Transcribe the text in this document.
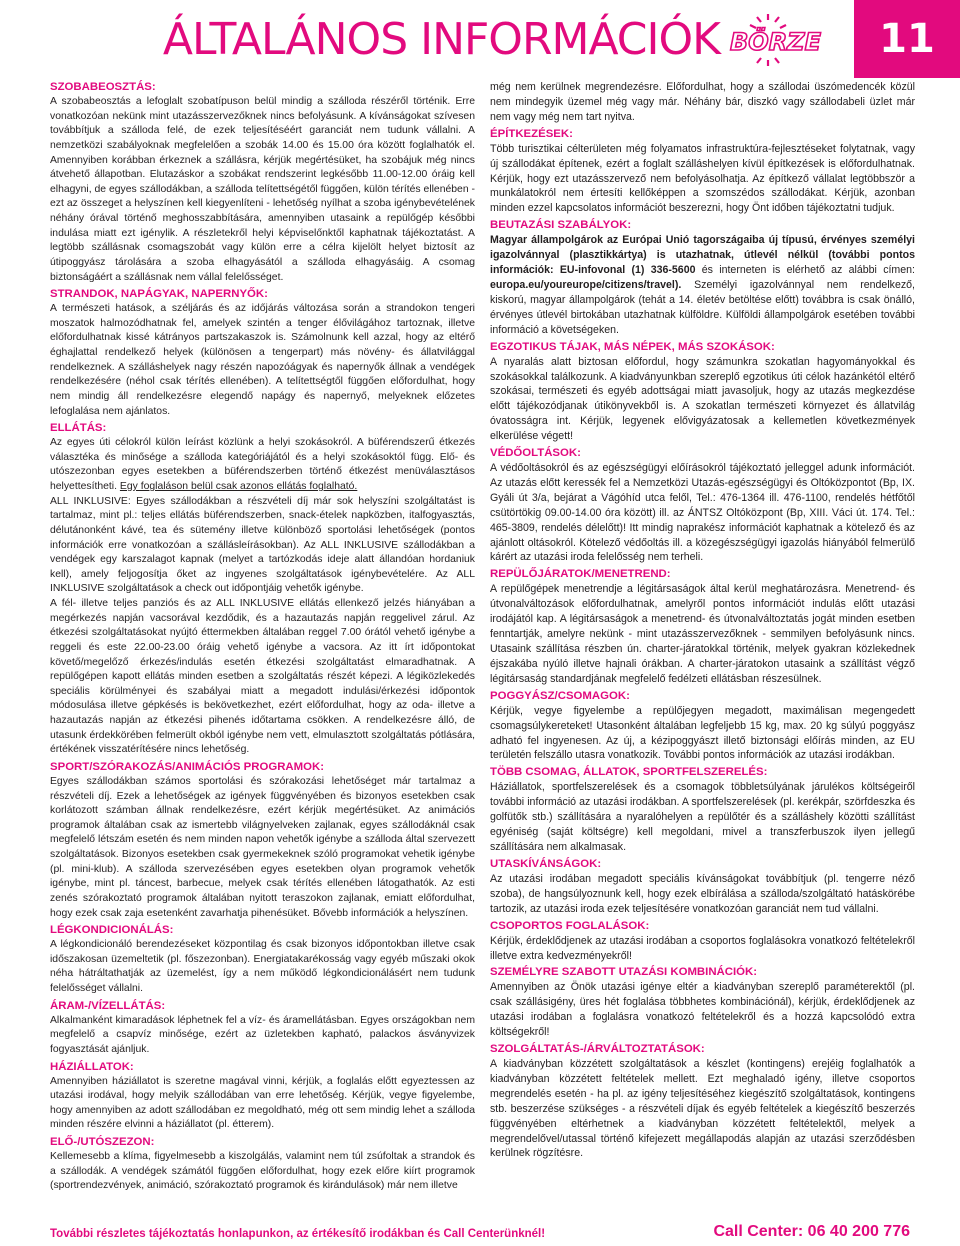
ÁLTALÁNOS INFORMÁCIÓK BÖRZE	11
SZOBABEOSZTÁS:

A szobabeosztás a lefoglalt szobatípuson belül mindig a szálloda részéről történik. Erre vonatkozóan nekünk mint utazásszervezőknek nincs befolyásunk. A kívánságokat szívesen továbbítjuk a szálloda felé, de ezek teljesítéséért garanciát nem tudunk vállalni. A nemzetközi szabályoknak megfelelően a szobák 14.00 és 15.00 óra között foglalhatók el. Amennyiben korábban érkeznek a szállásra, kérjük megértésüket, ha szobájuk még nincs átvehető állapotban. Elutazáskor a szobákat rendszerint legkésőbb 11.00-12.00 óráig kell elhagyni, de egyes szállodákban, a szálloda telítettségétől függően, külön térítés ellenében - ezt az összeget a helyszínen kell kiegyenlíteni - lehetőség nyílhat a szoba igénybevételének néhány órával történő meghosszabbítására, amennyiben utasaink a repülőgép későbbi indulása miatt ezt igénylik. A részletekről helyi képviselőnktől kaphatnak tájékoztatást. A legtöbb szállásnak csomagszobát vagy külön erre a célra kijelölt helyet biztosít az útipoggyász tárolására a szoba elhagyásától a szálloda elhagyásáig. A csomag biztonságáért a szállásnak nem vállal felelősséget.

STRANDOK, NAPÁGYAK, NAPERNYŐK:

A természeti hatások, a széljárás és az időjárás változása során a strandokon tengeri moszatok halmozódhatnak fel, amelyek szintén a tenger élővilágához tartoznak, illetve előfordulhatnak kissé kátrányos partszakaszok is. Számolnunk kell azzal, hogy az eltérő éghajlattal rendelkező helyek (különösen a tengerpart) más növény- és állatvilággal rendelkeznek. A szálláshelyek nagy részén napozóágyak és napernyők állnak a vendégek rendelkezésére (néhol csak térítés ellenében). A telítettségtől függően előfordulhat, hogy nem mindig áll rendelkezésre elegendő napágy és napernyő, melyeknek előzetes lefoglalása nem ajánlatos.

ELLÁTÁS:

Az egyes úti célokról külön leírást közlünk a helyi szokásokról. A büférendszerű étkezés választéka és minősége a szálloda kategóriájától és a helyi szokásoktól függ. Elő- és utószezonban egyes esetekben a büférendszerben történő étkezést menüválasztásos helyettesítheti. Egy foglaláson belül csak azonos ellátás foglalható.

ALL INKLUSIVE: Egyes szállodákban a részvételi díj már sok helyszíni szolgáltatást is tartalmaz, mint pl.: teljes ellátás büférendszerben, snack-ételek napközben, italfogyasztás, délutánonként kávé, tea és sütemény illetve különböző sportolási lehetőségek (pontos információk erre vonatkozóan a szállásleírásokban). Az ALL INKLUSIVE szállodákban a vendégek egy karszalagot kapnak (melyet a tartózkodás ideje alatt állandóan hordaniuk kell), amely feljogosítja őket az ingyenes szolgáltatások igénybevételére. Az ALL INKLUSIVE szolgáltatások a check out időpontjáig vehetők igénybe.

A fél- illetve teljes panziós és az ALL INKLUSIVE ellátás ellenkező jelzés hiányában a megérkezés napján vacsorával kezdődik, és a hazautazás napján reggelivel zárul. Az étkezési szolgáltatásokat nyújtó éttermekben általában reggel 7.00 órától vehető igénybe a reggeli és este 22.00-23.00 óráig vehető igénybe a vacsora. Az itt írt időpontokat követő/megelőző érkezés/indulás esetén étkezési szolgáltatást elmaradhatnak. A repülőgépen kapott ellátás minden esetben a szolgáltatás részét képezi. A légiközlekedés speciális körülményei és szabályai miatt a megadott indulási/érkezési időpontok módosulása illetve gépkésés is bekövetkezhet, ezért előfordulhat, hogy az oda- illetve a hazautazás napján az étkezési pihenés időtartama csökken. A rendelkezésre álló, de utasunk érdekkörében felmerült okból igénybe nem vett, elmulasztott szolgáltatás pótlására, értékének visszatérítésére nincs lehetőség.

SPORT/SZÓRAKOZÁS/ANIMÁCIÓS PROGRAMOK:

Egyes szállodákban számos sportolási és szórakozási lehetőséget már tartalmaz a részvételi díj. Ezek a lehetőségek az igények függvényében és bizonyos esetekben csak korlátozott számban állnak rendelkezésre, ezért kérjük megértésüket. Az animációs programok általában csak az ismertebb világnyelveken zajlanak, egyes szállodáknál csak megfelelő létszám esetén és nem minden napon vehetők igénybe a szálloda által szervezett szolgáltatások. Bizonyos esetekben csak gyermekeknek szóló programokat vehetik igénybe (pl. mini-klub). A szálloda szervezésében egyes esetekben olyan programok vehetők igénybe, mint pl. táncest, barbecue, melyek csak térítés ellenében látogathatók. Az esti zenés szórakoztató programok általában nyitott teraszokon zajlanak, emiatt előfordulhat, hogy ezek csak zaja esetenként zavarhatja pihenésüket. Bővebb információk a helyszínen.

LÉGKONDICIONÁLÁS:

A légkondicionáló berendezéseket központilag és csak bizonyos időpontokban illetve csak időszakosan üzemeltetik (pl. főszezonban). Energiatakarékosság vagy egyéb műszaki okok néha hátráltathatják az üzemelést, így a nem működő légkondicionálásért nem tudunk felelősséget vállalni.

ÁRAM-/VÍZELLÁTÁS:

Alkalmanként kimaradások léphetnek fel a víz- és áramellátásban. Egyes országokban nem megfelelő a csapvíz minősége, ezért az üzletekben kapható, palackos ásványvizek fogyasztását ajánljuk.

HÁZIÁLLATOK:

Amennyiben háziállatot is szeretne magával vinni, kérjük, a foglalás előtt egyeztessen az utazási irodával, hogy melyik szállodában van erre lehetőség. Kérjük, vegye figyelembe, hogy amennyiben az adott szállodában ez megoldható, még ott sem mindig lehet a szálloda minden részére elvinni a háziállatot (pl. étterem).

ELŐ-/UTÓSZEZON:

Kellemesebb a klíma, figyelmesebb a kiszolgálás, valamint nem túl zsúfoltak a strandok és a szállodák. A vendégek számától függően előfordulhat, hogy ezek előre kiírt programok (sportrendezvények, animáció, szórakoztató programok és kirándulások) már nem illetve

még nem kerülnek megrendezésre. Előfordulhat, hogy a szállodai üszómedencék közül nem mindegyik üzemel még vagy már. Néhány bár, diszkó vagy szállodabeli üzlet már nem vagy még nem tart nyitva.

ÉPÍTKEZÉSEK:

Több turisztikai célterületen még folyamatos infrastruktúra-fejlesztéseket folytatnak, vagy új szállodákat építenek, ezért a foglalt szálláshelyen kívül építkezések is előfordulhatnak. Kérjük, hogy ezt utazásszervező nem befolyásolhatja. Az építkező vállalat legtöbbször a munkálatokról nem értesíti kellőképpen a szomszédos szállodákat. Kérjük, azonban minden ezzel kapcsolatos információt beszerezni, hogy Önt időben tájékoztatni tudjuk.

BEUTAZÁSI SZABÁLYOK:

Magyar állampolgárok az Európai Unió tagországaiba új típusú, érvényes személyi igazolvánnyal (plasztikkártya) is utazhatnak, útlevél nélkül (további pontos információk: EU-infovonal (1) 336-5600 és interneten is elérhető az alábbi címen: europa.eu/youreurope/citizens/travel). Személyi igazolvánnyal nem rendelkező, kiskorú, magyar állampolgárok (tehát a 14. életév betöltése előtt) továbbra is csak önálló, érvényes útlevél birtokában utazhatnak külföldre. Külföldi állampolgárok esetében további információ a követségeken.

EGZOTIKUS TÁJAK, MÁS NÉPEK, MÁS SZOKÁSOK:

A nyaralás alatt biztosan előfordul, hogy számunkra szokatlan hagyományokkal és szokásokkal találkozunk. A kiadványunkban szereplő egzotikus úti célok hazánkétól eltérő szokásai, természeti és egyéb adottságai miatt javasoljuk, hogy az utazás megkezdése előtt tájékozódjanak útikönyvekből is. A szokatlan természeti környezet és állatvilág óvatosságra int. Kérjük, legyenek elővigyázatosak a kellemetlen következmények elkerülése végett!

VÉDŐOLTÁSOK:

A védőoltásokról és az egészségügyi előírásokról tájékoztató jelleggel adunk információt. Az utazás előtt keressék fel a Nemzetközi Utazás-egészségügyi és Oltóközpontot (Bp, IX. Gyáli út 3/a, bejárat a Vágóhíd utca felől, Tel.: 476-1364 ill. 476-1100, rendelés hétfőtől csütörtökig 09.00-14.00 óra között) ill. az ÁNTSZ Oltóközpont (Bp, XIII. Váci út. 174. Tel.: 465-3809, rendelés délelőtt)! Itt mindig naprakész információt kaphatnak a kötelező és az ajánlott oltásokról. Kötelező védőoltás ill. a közegészségügyi igazolás hiányából felmerülő kárért az utazási iroda felelősség nem terheli.

REPÜLŐJÁRATOK/MENETREND:

A repülőgépek menetrendje a légitársaságok által kerül meghatározásra. Menetrend- és útvonalváltozások előfordulhatnak, amelyről pontos információt indulás előtt utazási irodájától kap. A légitársaságok a menetrend- és útvonalváltoztatás jogát minden esetben fenntartják, amelyre nekünk - mint utazásszervezőknek - semmilyen befolyásunk nincs. Utasaink szállítása részben ún. charter-járatokkal történik, melyek gyakran közlekednek éjszakába nyúló illetve hajnali órákban. A charter-járatokon utasaink a szállítást végző légitársaság standardjának megfelelő fedélzeti ellátásban részesülnek.

POGGYÁSZ/CSOMAGOK:

Kérjük, vegye figyelembe a repülőjegyen megadott, maximálisan megengedett csomagsúlykereteket! Utasonként általában legfeljebb 15 kg, max. 20 kg súlyú poggyász adható fel ingyenesen. Az új, a kézipoggyászt illető biztonsági előírás minden, az EU területén felszállo utasra vonatkozik. További pontos információk az utazási irodákban.

TÖBB CSOMAG, ÁLLATOK, SPORTFELSZERELÉS:

Háziállatok, sportfelszerelések és a csomagok többletsúlyának járulékos költségeiről további információ az utazási irodákban. A sportfelszerelések (pl. kerékpár, szörfdeszka és golfütők stb.) szállítására a nyaralóhelyen a repülőtér és a szálláshely közötti szállítást egyéniség (saját költségre) kell megoldani, mivel a transzferbuszok ilyen jellegű szállítására nem alkalmasak.

UTASKÍVÁNSÁGOK:

Az utazási irodában megadott speciális kívánságokat továbbítjuk (pl. tengerre néző szoba), de hangsúlyoznunk kell, hogy ezek elbírálása a szálloda/szolgáltató hatáskörébe tartozik, az utazási iroda ezek teljesítésére vonatkozóan garanciát nem tud vállalni.

CSOPORTOS FOGLALÁSOK:

Kérjük, érdeklődjenek az utazási irodában a csoportos foglalásokra vonatkozó feltételekről illetve extra kedvezményekről!

SZEMÉLYRE SZABOTT UTAZÁSI KOMBINÁCIÓK:

Amennyiben az Önök utazási igénye eltér a kiadványban szereplő paraméterektől (pl. csak szállásigény, üres hét foglalása többhetes kombinációnál), kérjük, érdeklődjenek az utazási irodában a foglalásra vonatkozó feltételekről és a hozzá kapcsolódó extra költségekről!

SZOLGÁLTATÁS-/ÁRVÁLTOZTATÁSOK:

A kiadványban közzétett szolgáltatások a készlet (kontingens) erejéig foglalhatók a kiadványban közzétett feltételek mellett. Ezt meghaladó igény, illetve csoportos megrendelés esetén - ha pl. az igény teljesítéséhez kiegészítő szolgáltatások, kontingens stb. beszerzése szükséges - a részvételi díjak és egyéb feltételek a kiegészítő beszerzés függvényében eltérhetnek a kiadványban közzétett feltételektől, melyek a megrendelővel/utassal történő kifejezett megállapodás alapján az utazási szerződésben kerülnek rögzítésre.

További részletes tájékoztatás honlapunkon, az értékesítő irodákban és Call Centerünknél!	Call Center: 06 40 200 776
